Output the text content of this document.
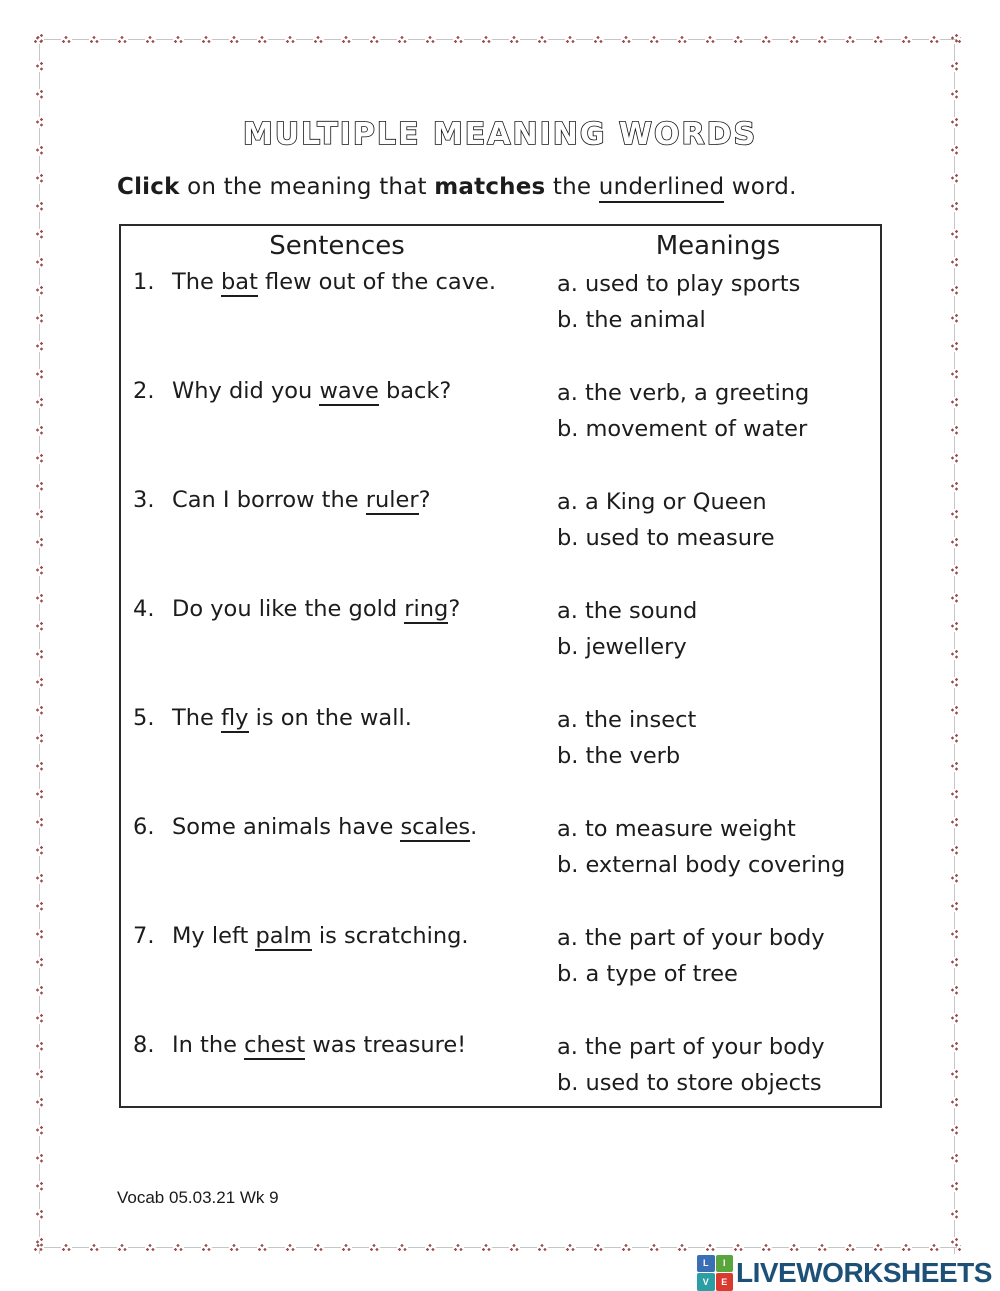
MULTIPLE MEANING WORDS
Click on the meaning that matches the underlined word.
Sentences	Meanings
1. The bat flew out of the cave.	a. used to play sports
b. the animal
2. Why did you wave back?	a. the verb, a greeting
b. movement of water
3. Can I borrow the ruler?	a. a King or Queen
b. used to measure
4. Do you like the gold ring?	a. the sound
b. jewellery
5. The fly is on the wall.	a. the insect
b. the verb
6. Some animals have scales.	a. to measure weight
b. external body covering
7. My left palm is scratching.	a. the part of your body
b. a type of tree
8. In the chest was treasure!	a. the part of your body
b. used to store objects
Vocab 05.03.21 Wk 9
L	I
V	E LIVEWORKSHEETS
